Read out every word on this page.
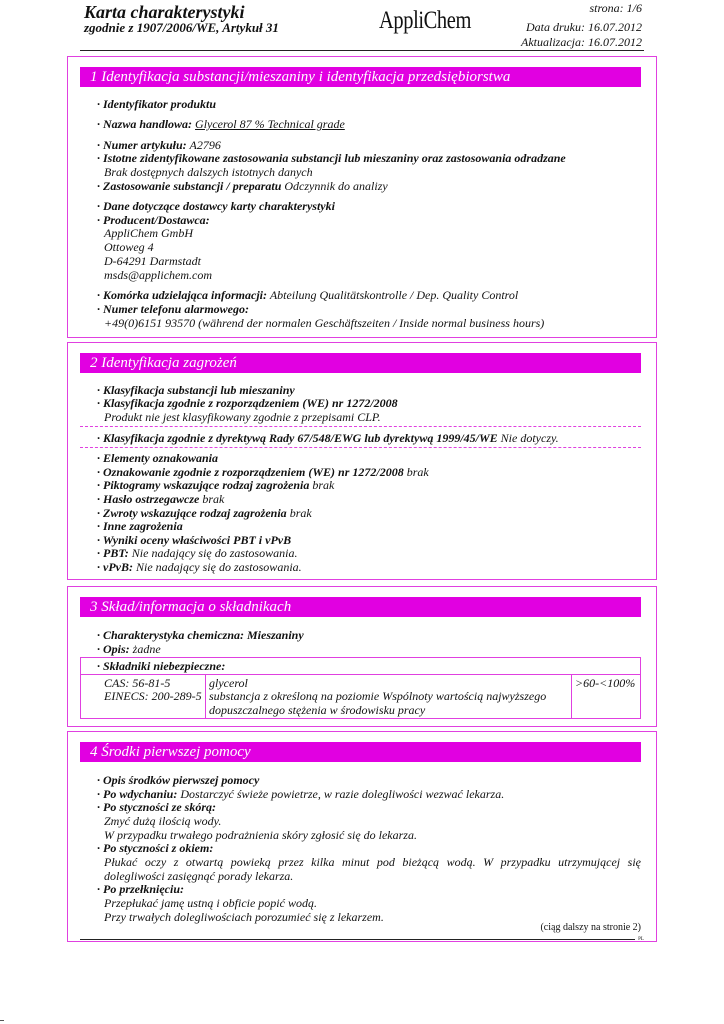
Karta charakterystyki
zgodnie z 1907/2006/WE, Artykuł 31	AppliChem	strona: 1/6
Data druku: 16.07.2012
Aktualizacja: 16.07.2012
1 Identyfikacja substancji/mieszaniny i identyfikacja przedsiębiorstwa
· Identyfikator produktu
· Nazwa handlowa: Glycerol 87 % Technical grade
· Numer artykułu: A2796
· Istotne zidentyfikowane zastosowania substancji lub mieszaniny oraz zastosowania odradzane
Brak dostępnych dalszych istotnych danych
· Zastosowanie substancji / preparatu Odczynnik do analizy
· Dane dotyczące dostawcy karty charakterystyki
· Producent/Dostawca:
AppliChem GmbH
Ottoweg 4
D-64291 Darmstadt
msds@applichem.com
· Komórka udzielająca informacji: Abteilung Qualitätskontrolle / Dep. Quality Control
· Numer telefonu alarmowego:
+49(0)6151 93570 (während der normalen Geschäftszeiten / Inside normal business hours)
2 Identyfikacja zagrożeń
· Klasyfikacja substancji lub mieszaniny
· Klasyfikacja zgodnie z rozporządzeniem (WE) nr 1272/2008
Produkt nie jest klasyfikowany zgodnie z przepisami CLP.
· Klasyfikacja zgodnie z dyrektywą Rady 67/548/EWG lub dyrektywą 1999/45/WE Nie dotyczy.
· Elementy oznakowania
· Oznakowanie zgodnie z rozporządzeniem (WE) nr 1272/2008 brak
· Piktogramy wskazujące rodzaj zagrożenia brak
· Hasło ostrzegawcze brak
· Zwroty wskazujące rodzaj zagrożenia brak
· Inne zagrożenia
· Wyniki oceny właściwości PBT i vPvB
· PBT: Nie nadający się do zastosowania.
· vPvB: Nie nadający się do zastosowania.
3 Skład/informacja o składnikach
· Charakterystyka chemiczna: Mieszaniny
· Opis: żadne
· Składniki niebezpieczne:
CAS: 56-81-5
EINECS: 200-289-5
glycerol
substancja z określoną na poziomie Wspólnoty wartością najwyższego
dopuszczalnego stężenia w środowisku pracy
>60-<100%
4 Środki pierwszej pomocy
· Opis środków pierwszej pomocy
· Po wdychaniu: Dostarczyć świeże powietrze, w razie dolegliwości wezwać lekarza.
· Po styczności ze skórą:
Zmyć dużą ilością wody.
W przypadku trwałego podrażnienia skóry zgłosić się do lekarza.
· Po styczności z okiem:
Płukać oczy z otwartą powieką przez kilka minut pod bieżącą wodą. W przypadku utrzymującej się dolegliwości zasięgnąć porady lekarza.
· Po przełknięciu:
Przepłukać jamę ustną i obficie popić wodą.
Przy trwałych dolegliwościach porozumieć się z lekarzem.
(ciąg dalszy na stronie 2)
PL
